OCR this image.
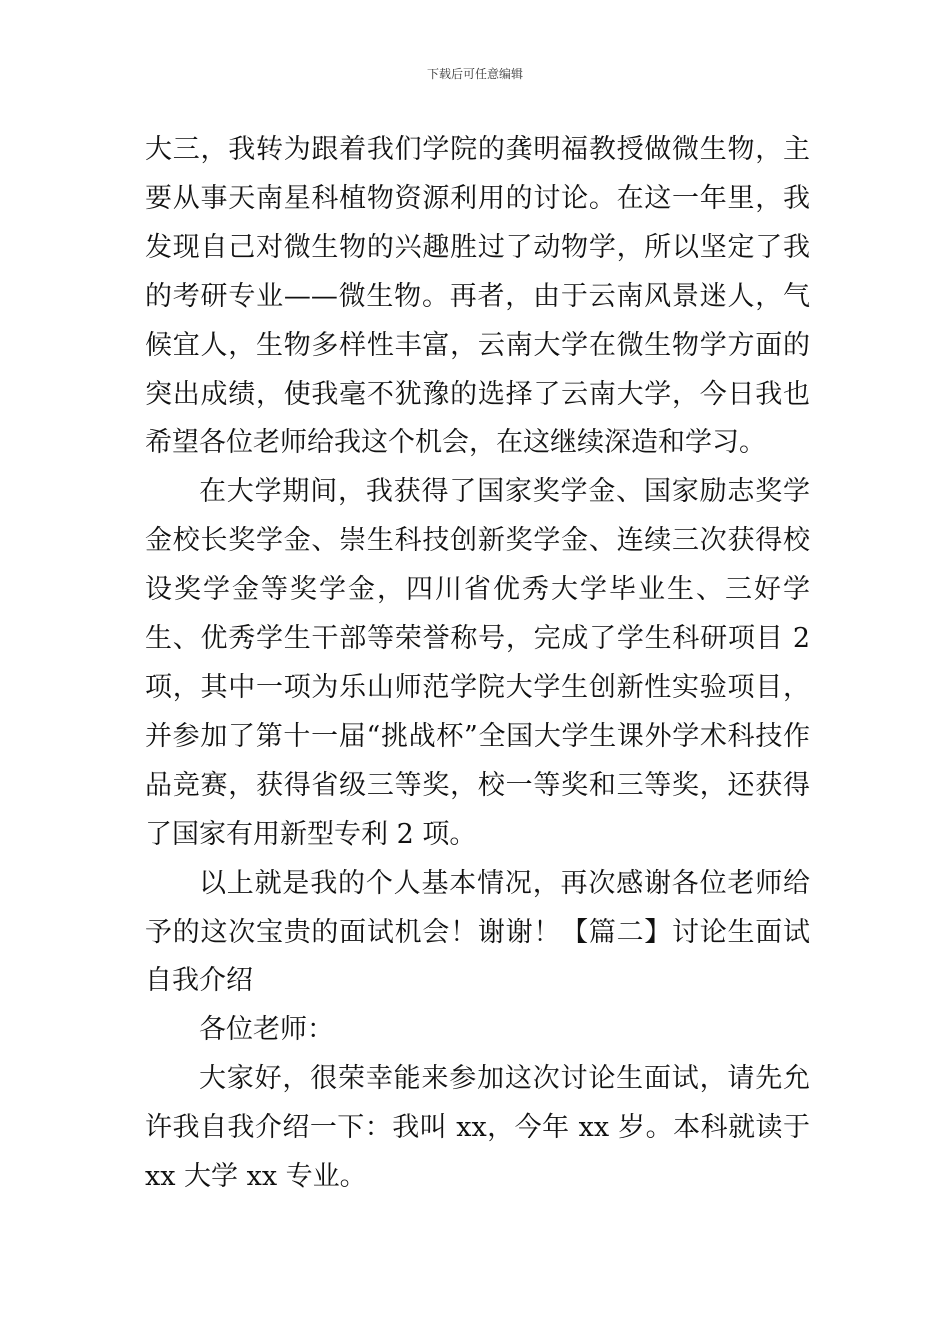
下载后可任意编辑

大三，我转为跟着我们学院的龚明福教授做微生物，主要从事天南星科植物资源利用的讨论。在这一年里，我发现自己对微生物的兴趣胜过了动物学，所以坚定了我的考研专业——微生物。再者，由于云南风景迷人，气候宜人，生物多样性丰富，云南大学在微生物学方面的突出成绩，使我毫不犹豫的选择了云南大学，今日我也希望各位老师给我这个机会，在这继续深造和学习。

在大学期间，我获得了国家奖学金、国家励志奖学金校长奖学金、崇生科技创新奖学金、连续三次获得校设奖学金等奖学金，四川省优秀大学毕业生、三好学生、优秀学生干部等荣誉称号，完成了学生科研项目 2 项，其中一项为乐山师范学院大学生创新性实验项目，并参加了第十一届“挑战杯”全国大学生课外学术科技作品竞赛，获得省级三等奖，校一等奖和三等奖，还获得了国家有用新型专利 2 项。

以上就是我的个人基本情况，再次感谢各位老师给予的这次宝贵的面试机会！谢谢！【篇二】讨论生面试自我介绍

各位老师：

大家好，很荣幸能来参加这次讨论生面试，请先允许我自我介绍一下：我叫 xx，今年 xx 岁。本科就读于 xx 大学 xx 专业。
